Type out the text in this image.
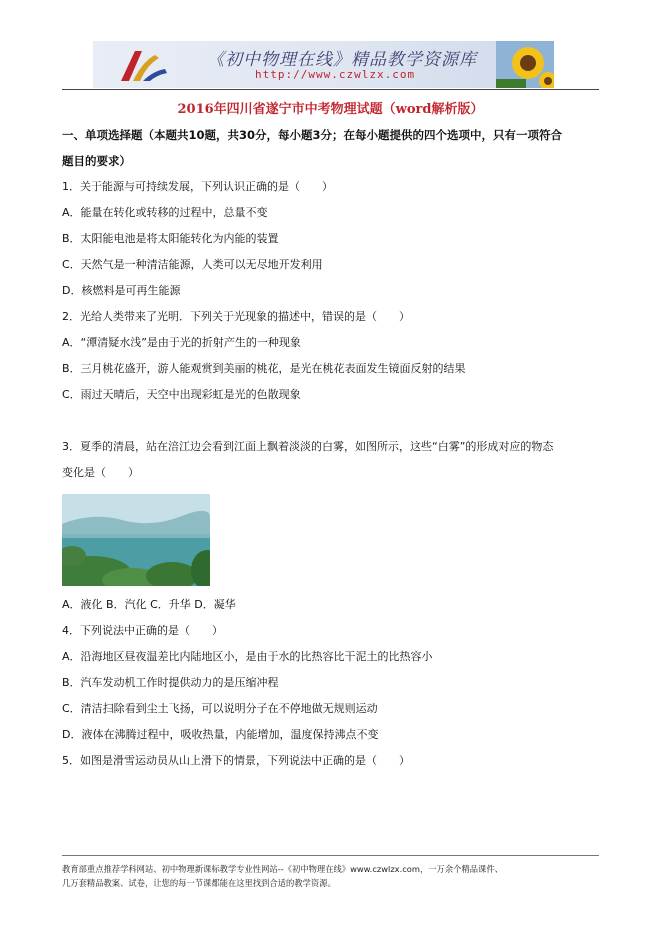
《初中物理在线》精品教学资源库
http://www.czwlzx.com
2016年四川省遂宁市中考物理试题（word解析版）
一、单项选择题（本题共10题，共30分，每小题3分；在每小题提供的四个选项中，只有一项符合
题目的要求）
1．关于能源与可持续发展，下列认识正确的是（　　）
A．能量在转化或转移的过程中，总量不变
B．太阳能电池是将太阳能转化为内能的装置
C．天然气是一种清洁能源，人类可以无尽地开发利用
D．核燃料是可再生能源
2．光给人类带来了光明．下列关于光现象的描述中，错误的是（　　）
A．“潭清疑水浅”是由于光的折射产生的一种现象
B．三月桃花盛开，游人能观赏到美丽的桃花，是光在桃花表面发生镜面反射的结果
C．雨过天晴后，天空中出现彩虹是光的色散现象
3．夏季的清晨，站在涪江边会看到江面上飘着淡淡的白雾，如图所示，这些“白雾”的形成对应的物态
变化是（　　）
A．液化 B．汽化 C．升华 D．凝华
4．下列说法中正确的是（　　）
A．沿海地区昼夜温差比内陆地区小，是由于水的比热容比干泥土的比热容小
B．汽车发动机工作时提供动力的是压缩冲程
C．清洁扫除看到尘土飞扬，可以说明分子在不停地做无规则运动
D．液体在沸腾过程中，吸收热量，内能增加，温度保持沸点不变
5．如图是滑雪运动员从山上滑下的情景，下列说法中正确的是（　　）
教育部重点推荐学科网站、初中物理新课标教学专业性网站--《初中物理在线》www.czwlzx.com，一万余个精品课件、
几万套精品教案、试卷，让您的每一节课都能在这里找到合适的教学资源。
